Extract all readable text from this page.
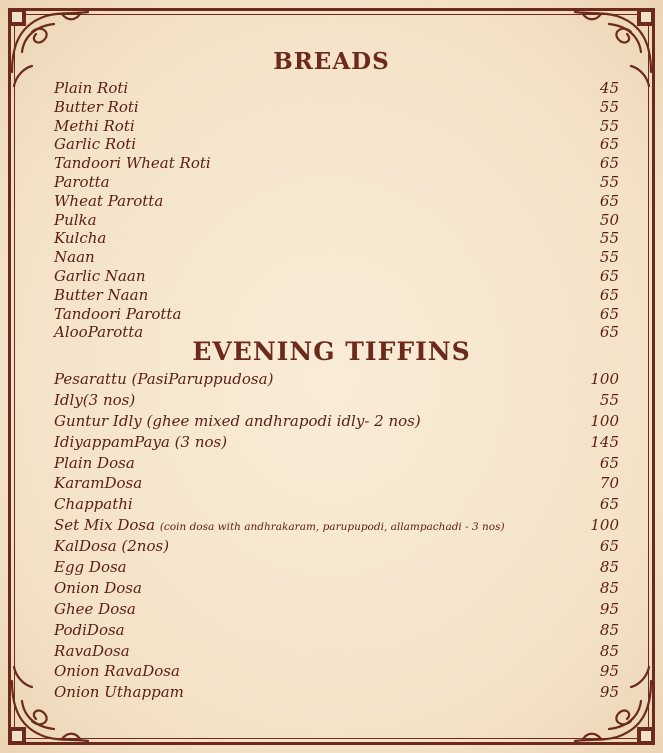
BREADS
Plain Roti	45
Butter Roti	55
Methi Roti	55
Garlic Roti	65
Tandoori Wheat Roti	65
Parotta	55
Wheat Parotta	65
Pulka	50
Kulcha	55
Naan	55
Garlic Naan	65
Butter Naan	65
Tandoori Parotta	65
AlooParotta	65
EVENING TIFFINS
Pesarattu (PasiParuppudosa)	100
Idly(3 nos)	55
Guntur Idly (ghee mixed andhrapodi idly- 2 nos)	100
IdiyappamPaya (3 nos)	145
Plain Dosa	65
KaramDosa	70
Chappathi	65
Set Mix Dosa (coin dosa with andhrakaram, parupupodi, allampachadi - 3 nos)	100
KalDosa (2nos)	65
Egg Dosa	85
Onion Dosa	85
Ghee Dosa	95
PodiDosa	85
RavaDosa	85
Onion RavaDosa	95
Onion Uthappam	95
